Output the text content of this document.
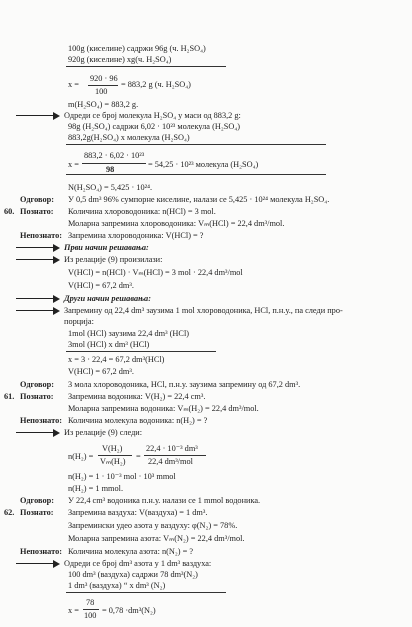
100g (киселине) садржи 96g (ч. H₂SO₄)
920g (киселине) xg(ч. H₂SO₄)
x =
920 · 96
100
= 883,2 g (ч. H₂SO₄)
m(H₂SO₄) = 883,2 g.
Одреди се број молекула H₂SO₄ у маси од 883,2 g:
98g (H₂SO₄) садржи 6,02 · 10²³ молекула (H₂SO₄)
883,2g(H₂SO₄) x молекула (H₂SO₄)
x =
883,2 · 6,02 · 10²³
98
= 54,25 · 10²³ молекула (H₂SO₄)
N(H₂SO₄) = 5,425 · 10²⁴.
Одговор: У 0,5 dm³ 96% сумпорне киселине, налази се 5,425 · 10²⁴ молекула H₂SO₄.
60. Познато: Количина хлороводоника: n(HCl) = 3 mol.
Моларна запремина хлороводоника: Vₘ(HCl) = 22,4 dm³/mol.
Непознато: Запремина хлороводоника: V(HCl) = ?
Први начин решавања:
Из релације (9) произилази:
V(HCl) = n(HCl) · Vₘ(HCl) = 3 mol · 22,4 dm³/mol
V(HCl) = 67,2 dm³.
Други начин решавања:
Запремину од 22,4 dm³ заузима 1 mol хлороводоника, HCl, п.н.у., па следи про-
порција:
1mol (HCl) заузима 22,4 dm³ (HCl)
3mol (HCl) x dm³ (HCl)
x = 3 · 22,4 = 67,2 dm³(HCl)
V(HCl) = 67,2 dm³.
Одговор: 3 мола хлороводоника, HCl, п.н.у. заузима запремину од 67,2 dm³.
61. Познато: Запремина водоника: V(H₂) = 22,4 cm³.
Моларна запремина водоника: Vₘ(H₂) = 22,4 dm³/mol.
Непознато: Количина молекула водоника: n(H₂) = ?
Из релације (9) следи:
n(H₂) =
V(H₂)
Vₘ(H₂)
=
22,4 · 10⁻³ dm³
22,4 dm³/mol
n(H₂) = 1 · 10⁻³ mol · 10³ mmol
n(H₂) = 1 mmol.
Одговор: У 22,4 cm³ водоника п.н.у. налази се 1 mmol водоника.
62. Познато: Запремина ваздуха: V(ваздуха) = 1 dm³.
Запремински удео азота у ваздуху: φ(N₂) = 78%.
Моларна запремина азота: Vₘ(N₂) = 22,4 dm³/mol.
Непознато: Количина молекула азота: n(N₂) = ?
Одреди се број dm³ азота у 1 dm³ ваздуха:
100 dm³ (ваздуха) садржи 78 dm³(N₂)
1 dm³ (ваздуха) “ x dm³ (N₂)
x =
78
100
= 0,78 ·dm³(N₂)
